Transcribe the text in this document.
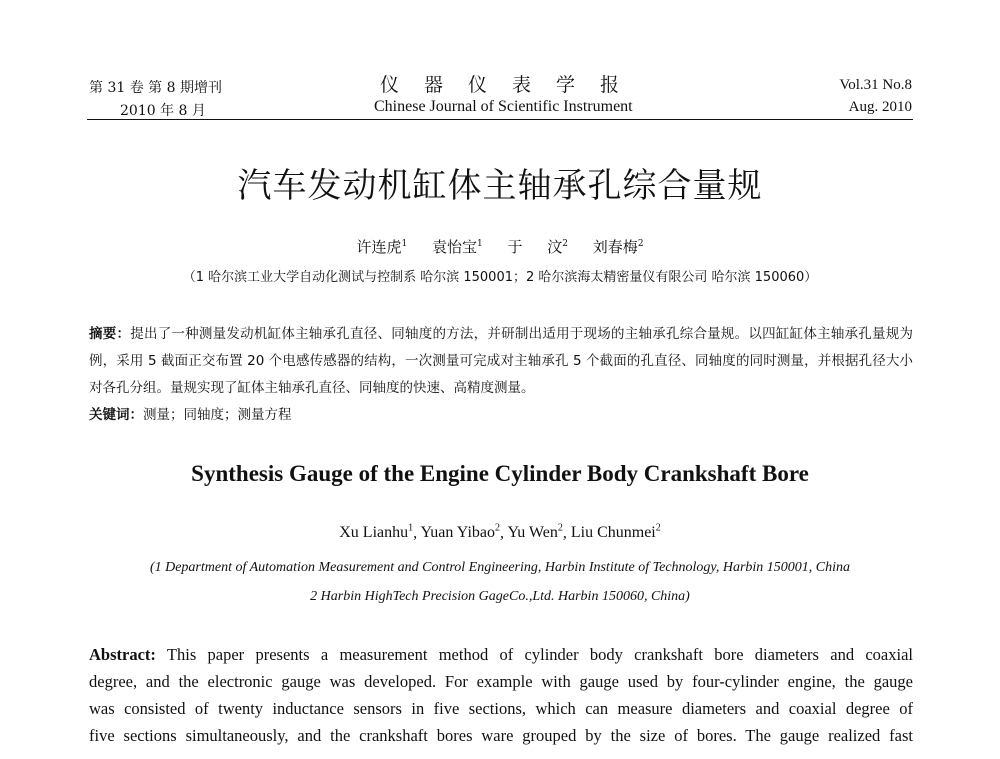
第 31 卷 第 8 期增刊
2010 年 8 月
仪器仪表学报
Chinese Journal of Scientific Instrument
Vol.31 No.8
Aug. 2010
汽车发动机缸体主轴承孔综合量规
许连虎$^1$ 袁怡宝$^1$ 于 汶$^2$ 刘春梅$^2$
（1 哈尔滨工业大学自动化测试与控制系 哈尔滨 150001；2 哈尔滨海太精密量仪有限公司 哈尔滨 150060）
摘要：提出了一种测量发动机缸体主轴承孔直径、同轴度的方法，并研制出适用于现场的主轴承孔综合量规。以四缸缸体主轴承孔量规为例，采用 5 截面正交布置 20 个电感传感器的结构，一次测量可完成对主轴承孔 5 个截面的孔直径、同轴度的同时测量，并根据孔径大小对各孔分组。量规实现了缸体主轴承孔直径、同轴度的快速、高精度测量。
关键词：测量；同轴度；测量方程
Synthesis Gauge of the Engine Cylinder Body Crankshaft Bore
Xu Lianhu$^1$, Yuan Yibao$^2$, Yu Wen$^2$, Liu Chunmei$^2$
(1 Department of Automation Measurement and Control Engineering, Harbin Institute of Technology, Harbin 150001, China
2 Harbin HighTech Precision GageCo.,Ltd. Harbin 150060, China)
Abstract: This paper presents a measurement method of cylinder body crankshaft bore diameters and coaxial
degree, and the electronic gauge was developed. For example with gauge used by four-cylinder engine, the gauge
was consisted of twenty inductance sensors in five sections, which can measure diameters and coaxial degree of
five sections simultaneously, and the crankshaft bores ware grouped by the size of bores. The gauge realized fast
